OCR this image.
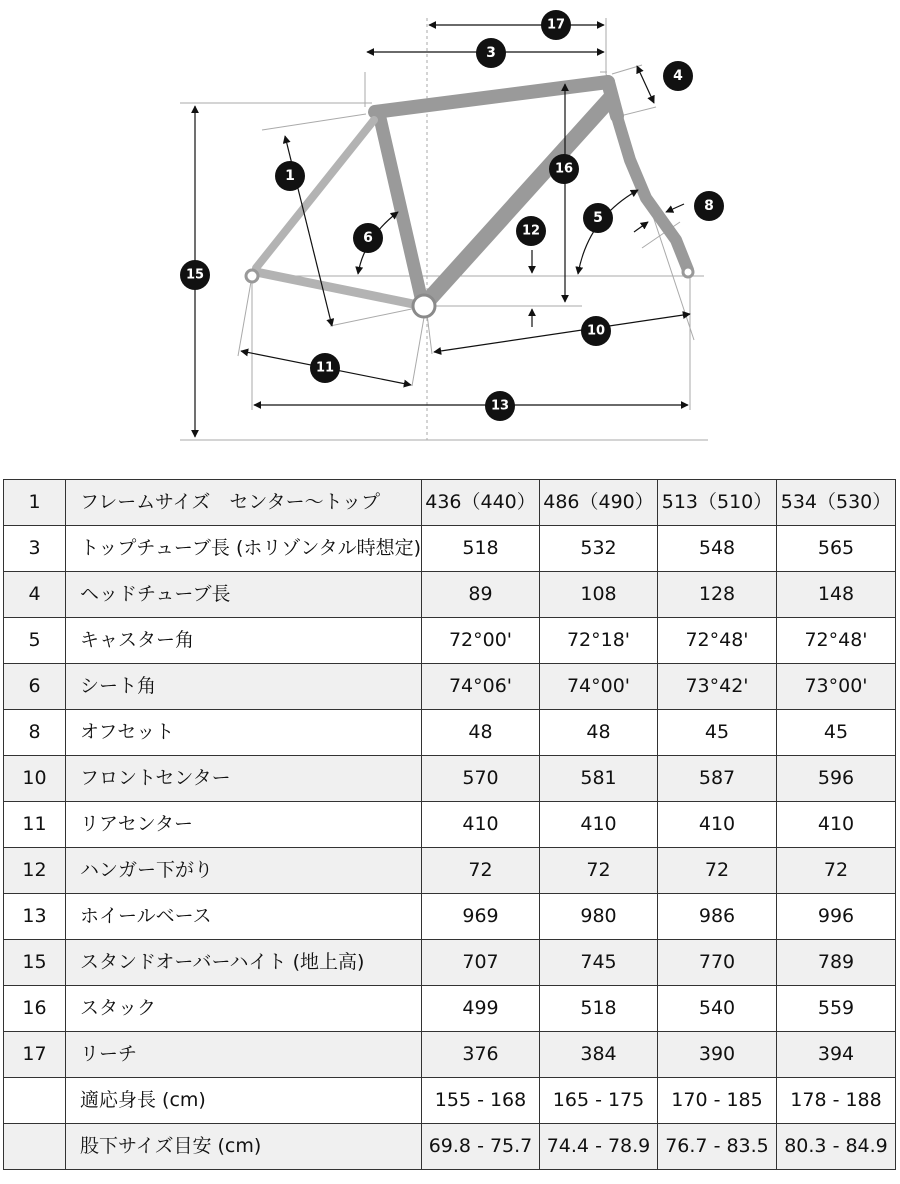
17
3
4
1	16
8
5
6	12
15
10
11
13
1	フレームサイズ　センター〜トップ	436（440）	486（490）	513（510）	534（530）
3	トップチューブ長 (ホリゾンタル時想定)	518	532	548	565
4	ヘッドチューブ長	89	108	128	148
5	キャスター角	72°00'	72°18'	72°48'	72°48'
6	シート角	74°06'	74°00'	73°42'	73°00'
8	オフセット	48	48	45	45
10	フロントセンター	570	581	587	596
11	リアセンター	410	410	410	410
12	ハンガー下がり	72	72	72	72
13	ホイールベース	969	980	986	996
15	スタンドオーバーハイト (地上高)	707	745	770	789
16	スタック	499	518	540	559
17	リーチ	376	384	390	394
	適応身長 (cm)	155 - 168	165 - 175	170 - 185	178 - 188
	股下サイズ目安 (cm)	69.8 - 75.7	74.4 - 78.9	76.7 - 83.5	80.3 - 84.9
